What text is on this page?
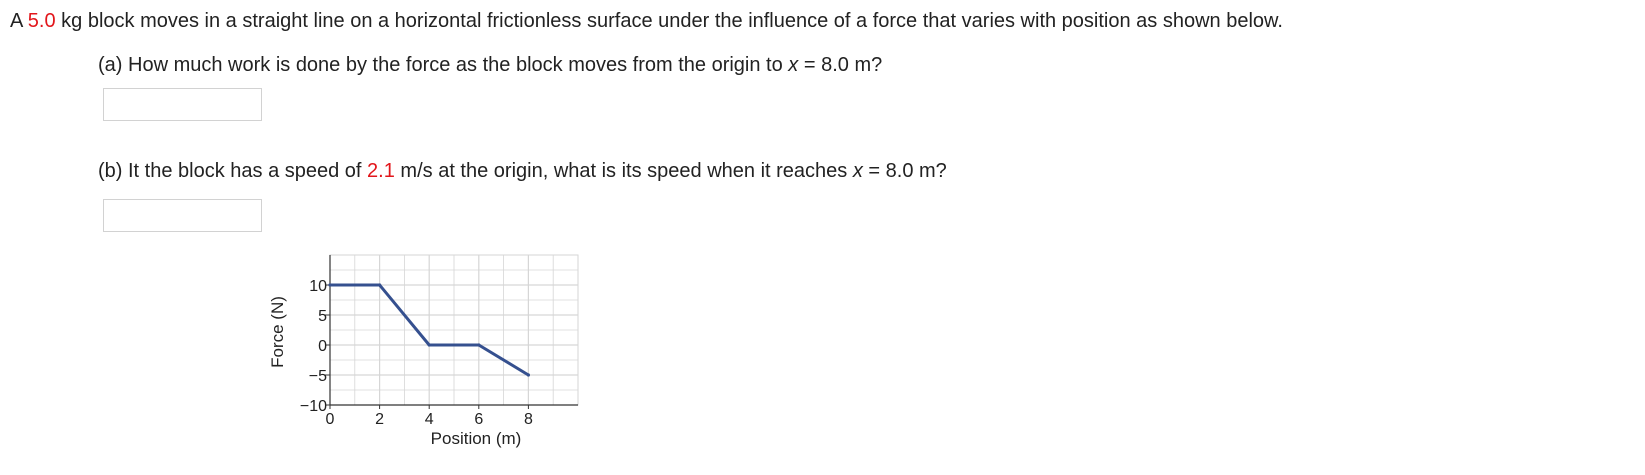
A 5.0 kg block moves in a straight line on a horizontal frictionless surface under the influence of a force that varies with position as shown below.
(a) How much work is done by the force as the block moves from the origin to x = 8.0 m?
(b) It the block has a speed of 2.1 m/s at the origin, what is its speed when it reaches x = 8.0 m?
−10
−5
0
5
10
0	2	4	6	8
Position (m)
Force (N)
